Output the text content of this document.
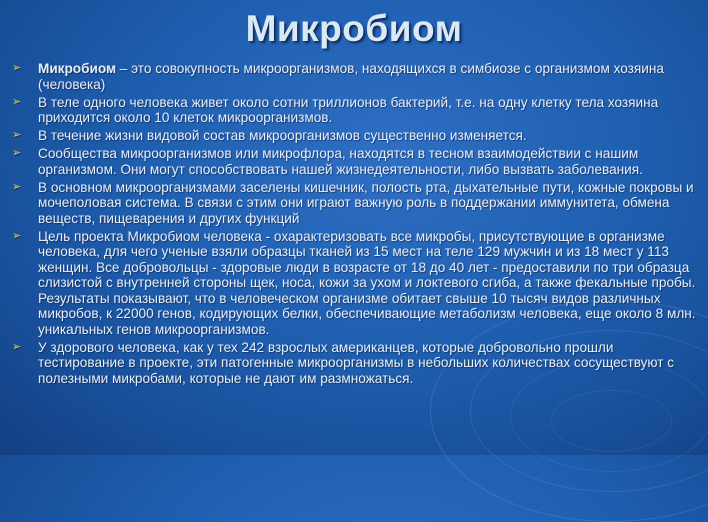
Микробиом
➢ Микробиом – это совокупность микроорганизмов, находящихся в симбиозе с организмом хозяина (человека)
➢ В теле одного человека живет около сотни триллионов бактерий, т.е. на одну клетку тела хозяина приходится около 10 клеток микроорганизмов.
➢ В течение жизни видовой состав микроорганизмов существенно изменяется.
➢ Сообщества микроорганизмов или микрофлора, находятся в тесном взаимодействии с нашим организмом. Они могут способствовать нашей жизнедеятельности, либо вызвать заболевания.
➢ В основном микроорганизмами заселены кишечник, полость рта, дыхательные пути, кожные покровы и мочеполовая система. В связи с этим они играют важную роль в поддержании иммунитета, обмена веществ, пищеварения и других функций
➢ Цель проекта Микробиом человека - охарактеризовать все микробы, присутствующие в организме человека, для чего ученые взяли образцы тканей из 15 мест на теле 129 мужчин и из 18 мест у 113 женщин. Все добровольцы - здоровые люди в возрасте от 18 до 40 лет - предоставили по три образца слизистой с внутренней стороны щек, носа, кожи за ухом и локтевого сгиба, а также фекальные пробы. Результаты показывают, что в человеческом организме обитает свыше 10 тысяч видов различных микробов, к 22000 генов, кодирующих белки, обеспечивающие метаболизм человека, еще около 8 млн. уникальных генов микроорганизмов.
➢ У здорового человека, как у тех 242 взрослых американцев, которые добровольно прошли тестирование в проекте, эти патогенные микроорганизмы в небольших количествах сосуществуют с полезными микробами, которые не дают им размножаться.
